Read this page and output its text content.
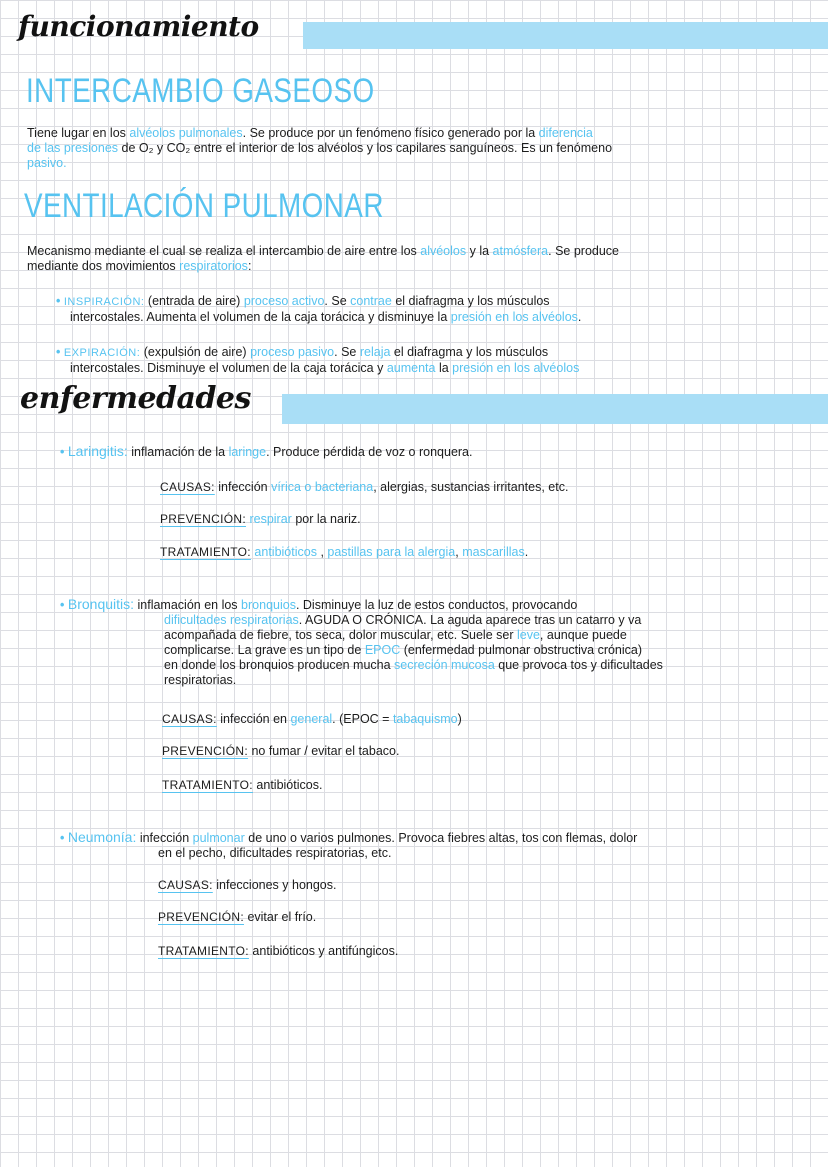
funcionamiento
INTERCAMBIO GASEOSO
Tiene lugar en los alvéolos pulmonales. Se produce por un fenómeno físico generado por la diferencia
de las presiones de O₂ y CO₂ entre el interior de los alvéolos y los capilares sanguíneos. Es un fenómeno
pasivo.
VENTILACIÓN PULMONAR
Mecanismo mediante el cual se realiza el intercambio de aire entre los alvéolos y la atmósfera. Se produce
mediante dos movimientos respiratorios:
• INSPIRACIÓN: (entrada de aire) proceso activo. Se contrae el diafragma y los músculos
intercostales. Aumenta el volumen de la caja torácica y disminuye la presión en los alvéolos.
• EXPIRACIÓN: (expulsión de aire) proceso pasivo. Se relaja el diafragma y los músculos
intercostales. Disminuye el volumen de la caja torácica y aumenta la presión en los alvéolos
enfermedades
• Laringitis: inflamación de la laringe. Produce pérdida de voz o ronquera.
CAUSAS: infección vírica o bacteriana, alergias, sustancias irritantes, etc.
PREVENCIÓN: respirar por la nariz.
TRATAMIENTO: antibióticos , pastillas para la alergia, mascarillas.
• Bronquitis: inflamación en los bronquios. Disminuye la luz de estos conductos, provocando
dificultades respiratorias. AGUDA O CRÓNICA. La aguda aparece tras un catarro y va
acompañada de fiebre, tos seca, dolor muscular, etc. Suele ser leve, aunque puede
complicarse. La grave es un tipo de EPOC (enfermedad pulmonar obstructiva crónica)
en donde los bronquios producen mucha secreción mucosa que provoca tos y dificultades
respiratorias.
CAUSAS: infección en general. (EPOC = tabaquismo)
PREVENCIÓN: no fumar / evitar el tabaco.
TRATAMIENTO: antibióticos.
• Neumonía: infección pulmonar de uno o varios pulmones. Provoca fiebres altas, tos con flemas, dolor
en el pecho, dificultades respiratorias, etc.
CAUSAS: infecciones y hongos.
PREVENCIÓN: evitar el frío.
TRATAMIENTO: antibióticos y antifúngicos.
